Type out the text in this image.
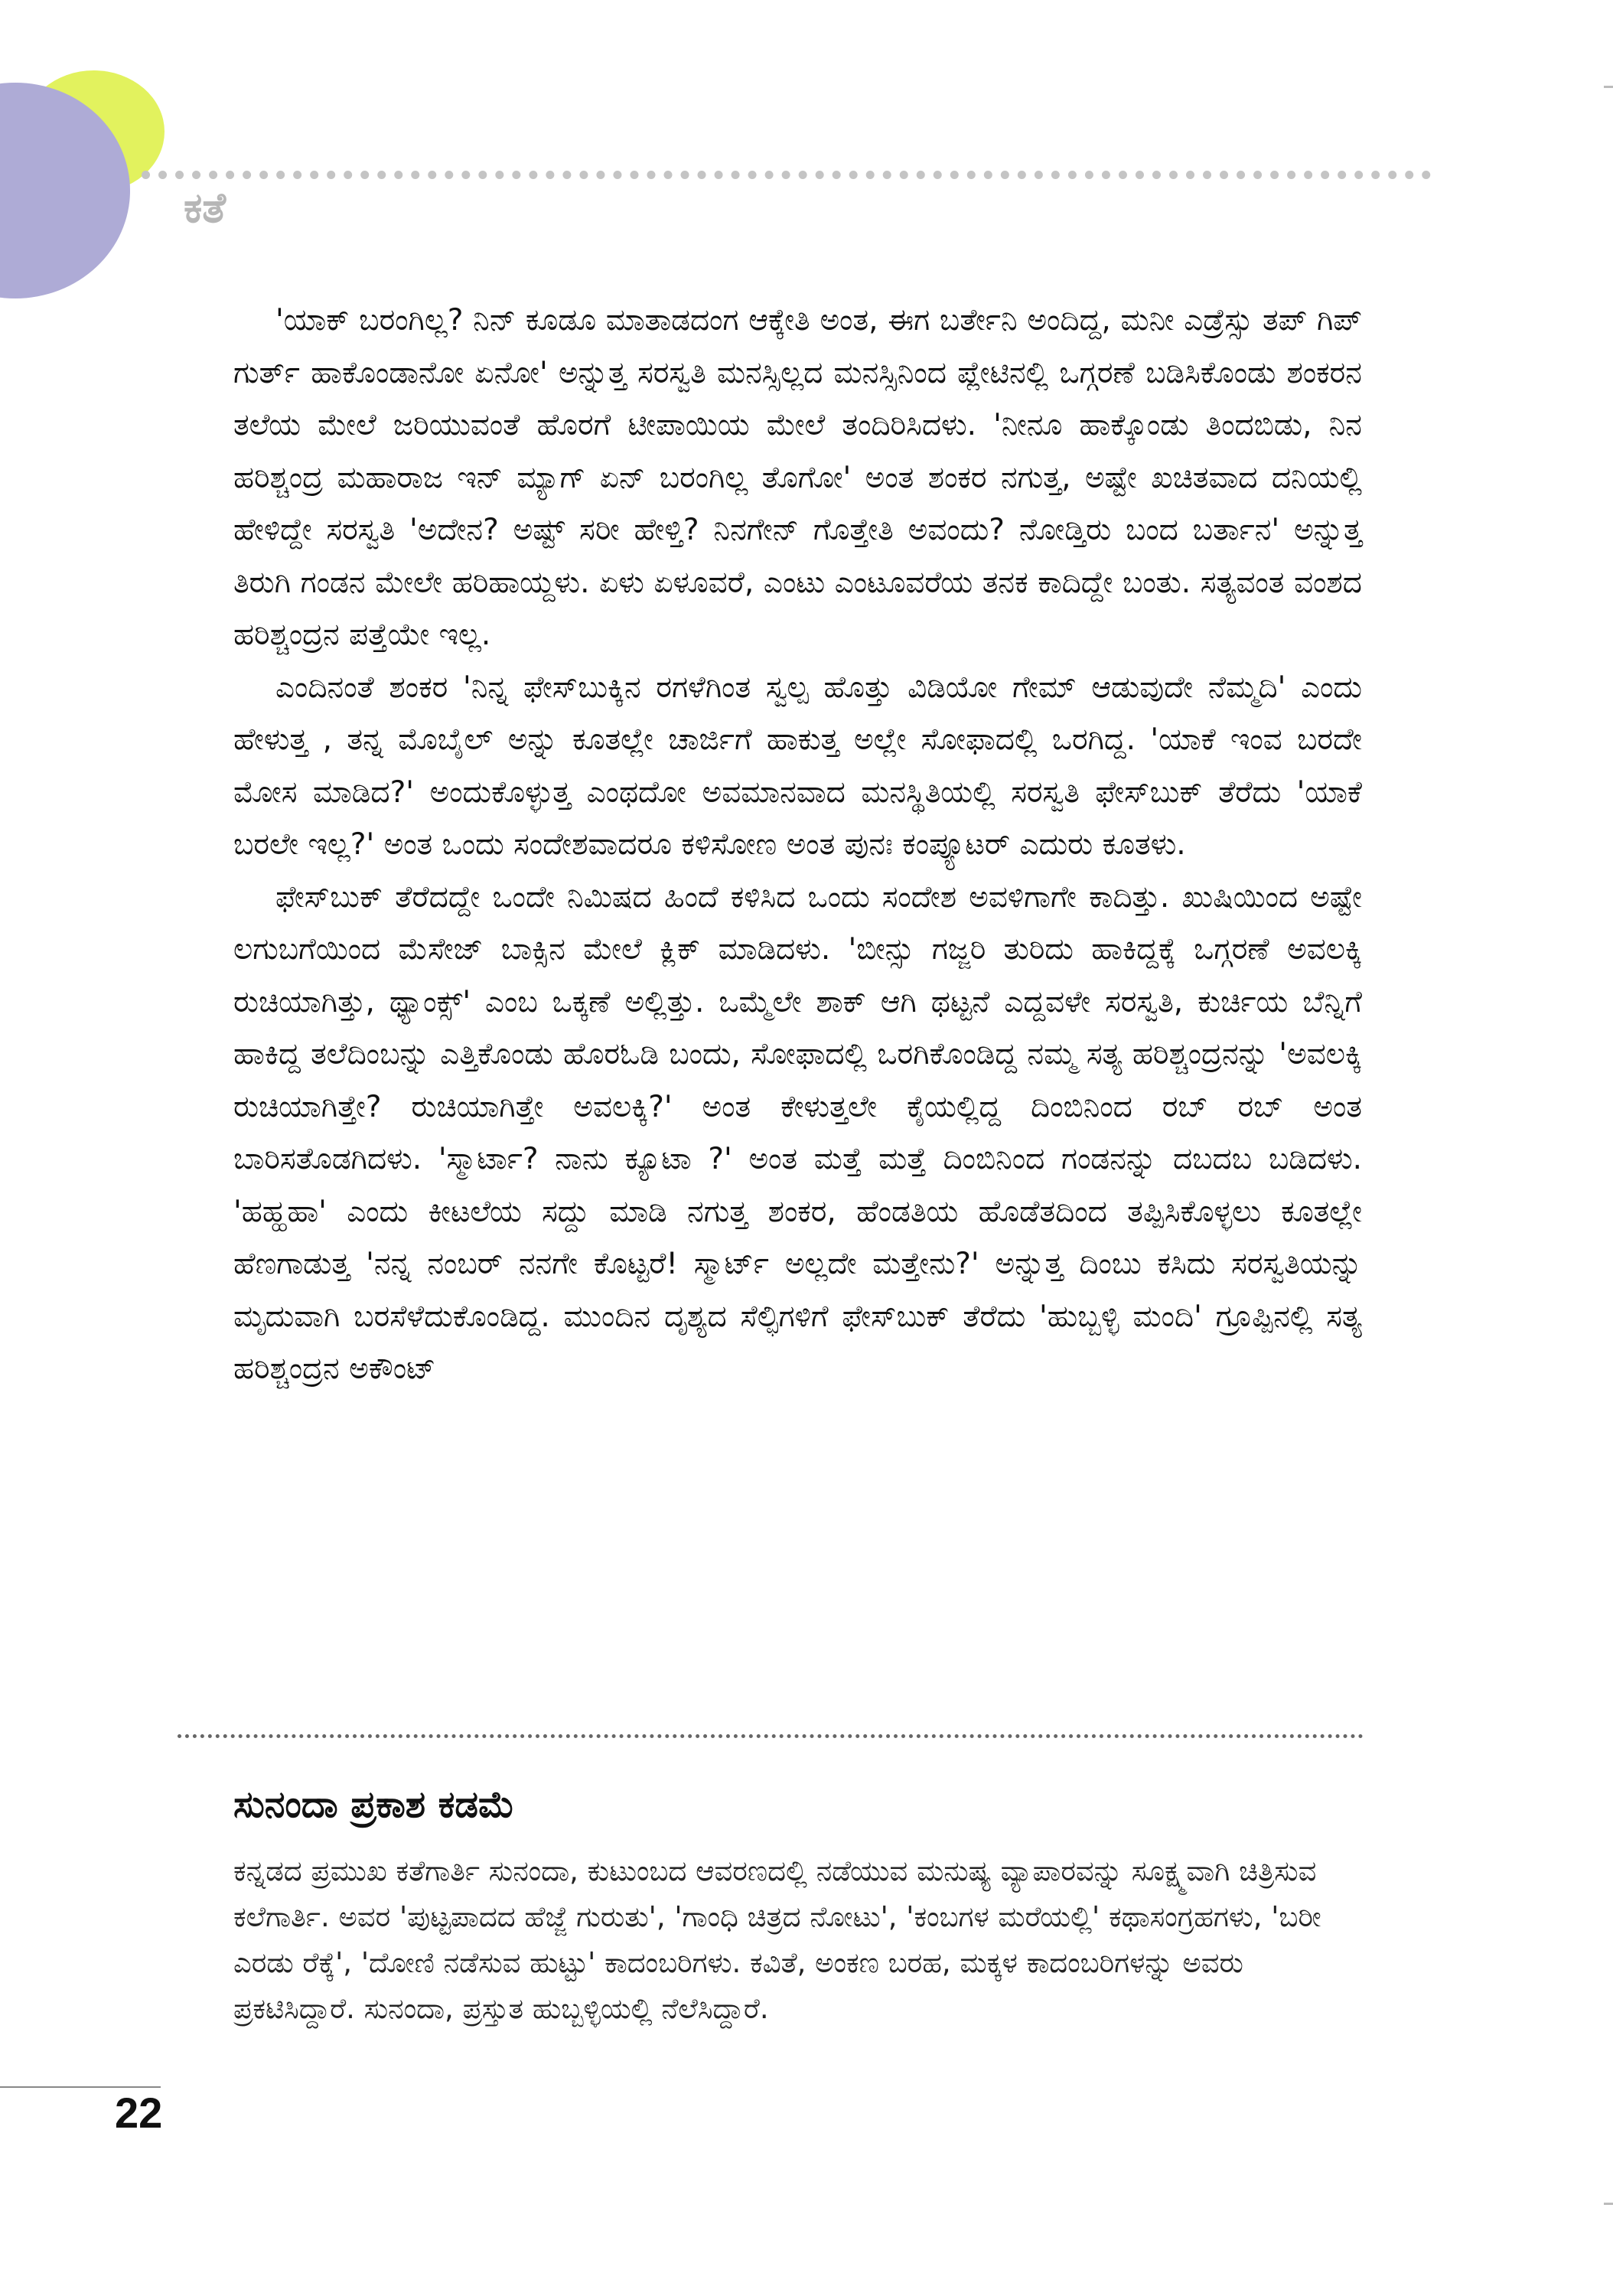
ಕತೆ

'ಯಾಕ್ ಬರಂಗಿಲ್ಲ? ನಿನ್ ಕೂಡೂ ಮಾತಾಡದಂಗ ಆಕ್ಕೇತಿ ಅಂತ, ಈಗ ಬರ್ತೇನಿ ಅಂದಿದ್ದ, ಮನೀ ಎಡ್ರೆಸ್ಸು ತಪ್ ಗಿಪ್ ಗುರ್ತ್ ಹಾಕೊಂಡಾನೋ ಏನೋ' ಅನ್ನುತ್ತ ಸರಸ್ವತಿ ಮನಸ್ಸಿಲ್ಲದ ಮನಸ್ಸಿನಿಂದ ಪ್ಲೇಟಿನಲ್ಲಿ ಒಗ್ಗರಣೆ ಬಡಿಸಿಕೊಂಡು ಶಂಕರನ ತಲೆಯ ಮೇಲೆ ಜರಿಯುವಂತೆ ಹೊರಗೆ ಟೀಪಾಯಿಯ ಮೇಲೆ ತಂದಿರಿಸಿದಳು. 'ನೀನೂ ಹಾಕ್ಕೊಂಡು ತಿಂದಬಿಡು, ನಿನ ಹರಿಶ್ಚಂದ್ರ ಮಹಾರಾಜ ಇನ್ ಮ್ಯಾಗ್ ಏನ್ ಬರಂಗಿಲ್ಲ ತೊಗೋ' ಅಂತ ಶಂಕರ ನಗುತ್ತ, ಅಷ್ಟೇ ಖಚಿತವಾದ ದನಿಯಲ್ಲಿ ಹೇಳಿದ್ದೇ ಸರಸ್ವತಿ 'ಅದೇನ? ಅಷ್ಟ್ ಸರೀ ಹೇಳ್ತಿ? ನಿನಗೇನ್ ಗೊತ್ತೇತಿ ಅವಂದು? ನೋಡ್ತಿರು ಬಂದ ಬರ್ತಾನ' ಅನ್ನುತ್ತ ತಿರುಗಿ ಗಂಡನ ಮೇಲೇ ಹರಿಹಾಯ್ದಳು. ಏಳು ಏಳೂವರೆ, ಎಂಟು ಎಂಟೂವರೆಯ ತನಕ ಕಾದಿದ್ದೇ ಬಂತು. ಸತ್ಯವಂತ ವಂಶದ ಹರಿಶ್ಚಂದ್ರನ ಪತ್ತೆಯೇ ಇಲ್ಲ.

ಎಂದಿನಂತೆ ಶಂಕರ 'ನಿನ್ನ ಫೇಸ್‌ಬುಕ್ಕಿನ ರಗಳೆಗಿಂತ ಸ್ವಲ್ಪ ಹೊತ್ತು ವಿಡಿಯೋ ಗೇಮ್ ಆಡುವುದೇ ನೆಮ್ಮದಿ' ಎಂದು ಹೇಳುತ್ತ , ತನ್ನ ಮೊಬೈಲ್ ಅನ್ನು ಕೂತಲ್ಲೇ ಚಾರ್ಜಿಗೆ ಹಾಕುತ್ತ ಅಲ್ಲೇ ಸೋಫಾದಲ್ಲಿ ಒರಗಿದ್ದ. 'ಯಾಕೆ ಇಂವ ಬರದೇ ಮೋಸ ಮಾಡಿದ?' ಅಂದುಕೊಳ್ಳುತ್ತ ಎಂಥದೋ ಅವಮಾನವಾದ ಮನಸ್ಥಿತಿಯಲ್ಲಿ ಸರಸ್ವತಿ ಫೇಸ್‌ಬುಕ್ ತೆರೆದು 'ಯಾಕೆ ಬರಲೇ ಇಲ್ಲ?' ಅಂತ ಒಂದು ಸಂದೇಶವಾದರೂ ಕಳಿಸೋಣ ಅಂತ ಪುನಃ ಕಂಪ್ಯೂಟರ್ ಎದುರು ಕೂತಳು.

ಫೇಸ್‌ಬುಕ್ ತೆರೆದದ್ದೇ ಒಂದೇ ನಿಮಿಷದ ಹಿಂದೆ ಕಳಿಸಿದ ಒಂದು ಸಂದೇಶ ಅವಳಿಗಾಗೇ ಕಾದಿತ್ತು. ಖುಷಿಯಿಂದ ಅಷ್ಟೇ ಲಗುಬಗೆಯಿಂದ ಮೆಸೇಜ್ ಬಾಕ್ಸಿನ ಮೇಲೆ ಕ್ಲಿಕ್ ಮಾಡಿದಳು. 'ಬೀನ್ಸು ಗಜ್ಜರಿ ತುರಿದು ಹಾಕಿದ್ದಕ್ಕೆ ಒಗ್ಗರಣೆ ಅವಲಕ್ಕಿ ರುಚಿಯಾಗಿತ್ತು, ಥ್ಯಾಂಕ್ಸ್' ಎಂಬ ಒಕ್ಕಣೆ ಅಲ್ಲಿತ್ತು. ಒಮ್ಮೆಲೇ ಶಾಕ್ ಆಗಿ ಥಟ್ಟನೆ ಎದ್ದವಳೇ ಸರಸ್ವತಿ, ಕುರ್ಚಿಯ ಬೆನ್ನಿಗೆ ಹಾಕಿದ್ದ ತಲೆದಿಂಬನ್ನು ಎತ್ತಿಕೊಂಡು ಹೊರಓಡಿ ಬಂದು, ಸೋಫಾದಲ್ಲಿ ಒರಗಿಕೊಂಡಿದ್ದ ನಮ್ಮ ಸತ್ಯ ಹರಿಶ್ಚಂದ್ರನನ್ನು 'ಅವಲಕ್ಕಿ ರುಚಿಯಾಗಿತ್ತೇ? ರುಚಿಯಾಗಿತ್ತೇ ಅವಲಕ್ಕಿ?' ಅಂತ ಕೇಳುತ್ತಲೇ ಕೈಯಲ್ಲಿದ್ದ ದಿಂಬಿನಿಂದ ರಬ್ ರಬ್ ಅಂತ ಬಾರಿಸತೊಡಗಿದಳು. 'ಸ್ಮಾರ್ಟಾ? ನಾನು ಕ್ಯೂಟಾ ?' ಅಂತ ಮತ್ತೆ ಮತ್ತೆ ದಿಂಬಿನಿಂದ ಗಂಡನನ್ನು ದಬದಬ ಬಡಿದಳು. 'ಹಹ್ಹಹಾ' ಎಂದು ಕೀಟಲೆಯ ಸದ್ದು ಮಾಡಿ ನಗುತ್ತ ಶಂಕರ, ಹೆಂಡತಿಯ ಹೊಡೆತದಿಂದ ತಪ್ಪಿಸಿಕೊಳ್ಳಲು ಕೂತಲ್ಲೇ ಹೆಣಗಾಡುತ್ತ 'ನನ್ನ ನಂಬರ್ ನನಗೇ ಕೊಟ್ಟರೆ! ಸ್ಮಾರ್ಟ್ ಅಲ್ಲದೇ ಮತ್ತೇನು?' ಅನ್ನುತ್ತ ದಿಂಬು ಕಸಿದು ಸರಸ್ವತಿಯನ್ನು ಮೃದುವಾಗಿ ಬರಸೆಳೆದುಕೊಂಡಿದ್ದ. ಮುಂದಿನ ದೃಶ್ಯದ ಸೆಲ್ಫಿಗಳಿಗೆ ಫೇಸ್‌ಬುಕ್ ತೆರೆದು 'ಹುಬ್ಬಳ್ಳಿ ಮಂದಿ' ಗ್ರೂಪ್ಪಿನಲ್ಲಿ ಸತ್ಯ ಹರಿಶ್ಚಂದ್ರನ ಅಕೌಂಟ್

ಸುನಂದಾ ಪ್ರಕಾಶ ಕಡಮೆ
ಕನ್ನಡದ ಪ್ರಮುಖ ಕತೆಗಾರ್ತಿ ಸುನಂದಾ, ಕುಟುಂಬದ ಆವರಣದಲ್ಲಿ ನಡೆಯುವ ಮನುಷ್ಯ ವ್ಯಾಪಾರವನ್ನು ಸೂಕ್ಷ್ಮವಾಗಿ ಚಿತ್ರಿಸುವ ಕಲೆಗಾರ್ತಿ. ಅವರ 'ಪುಟ್ಟಪಾದದ ಹೆಜ್ಜೆ ಗುರುತು', 'ಗಾಂಧಿ ಚಿತ್ರದ ನೋಟು', 'ಕಂಬಗಳ ಮರೆಯಲ್ಲಿ' ಕಥಾಸಂಗ್ರಹಗಳು, 'ಬರೀ ಎರಡು ರೆಕ್ಕೆ', 'ದೋಣಿ ನಡೆಸುವ ಹುಟ್ಟು' ಕಾದಂಬರಿಗಳು. ಕವಿತೆ, ಅಂಕಣ ಬರಹ, ಮಕ್ಕಳ ಕಾದಂಬರಿಗಳನ್ನು ಅವರು ಪ್ರಕಟಿಸಿದ್ದಾರೆ. ಸುನಂದಾ, ಪ್ರಸ್ತುತ ಹುಬ್ಬಳ್ಳಿಯಲ್ಲಿ ನೆಲೆಸಿದ್ದಾರೆ.
22
